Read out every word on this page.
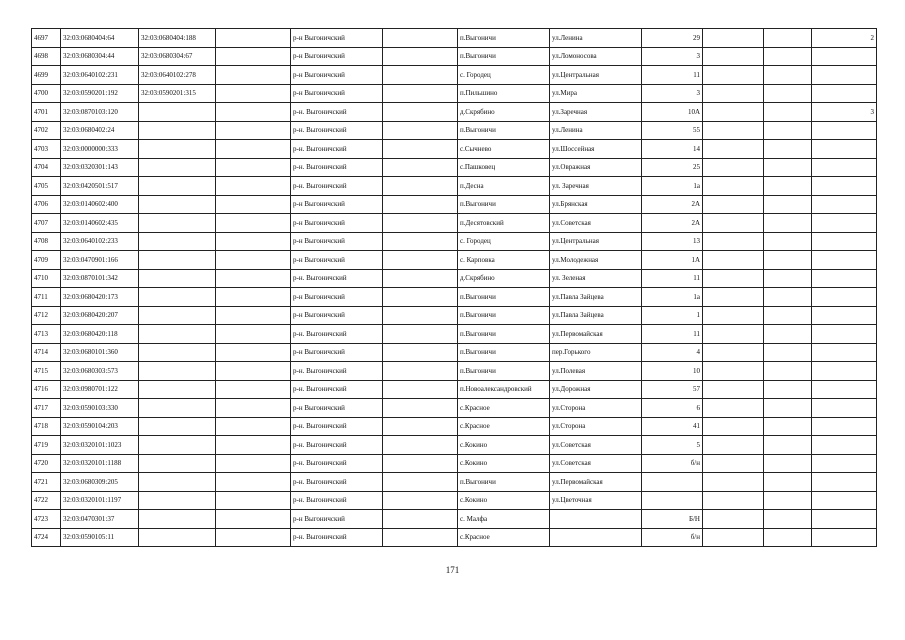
4697	32:03:0680404:64	32:03:0680404:188		р-н Выгоничский		п.Выгоничи	ул.Ленина	29			2
4698	32:03:0680304:44	32:03:0680304:67		р-н Выгоничский		п.Выгоничи	ул.Ломоносова	3			
4699	32:03:0640102:231	32:03:0640102:278		р-н Выгоничский		с. Городец	ул.Центральная	11			
4700	32:03:0590201:192	32:03:0590201:315		р-н Выгоничский		п.Пильшино	ул.Мира	3			
4701	32:03:0870103:120			р-н. Выгоничский		д.Скрябино	ул.Заречная	10А			3
4702	32:03:0680402:24			р-н. Выгоничский		п.Выгоничи	ул.Ленина	55			
4703	32:03:0000000:333			р-н. Выгоничский		с.Сычнево	ул.Шоссейная	14			
4704	32:03:0320301:143			р-н. Выгоничский		с.Пашковец	ул.Овражная	25			
4705	32:03:0420501:517			р-н. Выгоничский		п.Десна	ул. Заречная	1а			
4706	32:03:0140602:400			р-н Выгоничский		п.Выгоничи	ул.Брянская	2А			
4707	32:03:0140602:435			р-н Выгоничский		п.Десятовский	ул.Советская	2А			
4708	32:03:0640102:233			р-н Выгоничский		с. Городец	ул.Центральная	13			
4709	32:03:0470901:166			р-н Выгоничский		с. Карповка	ул.Молодежная	1А			
4710	32:03:0870101:342			р-н. Выгоничский		д.Скрябино	ул. Зеленая	11			
4711	32:03:0680420:173			р-н Выгоничский		п.Выгоничи	ул.Павла Зайцева	1а			
4712	32:03:0680420:207			р-н Выгоничский		п.Выгоничи	ул.Павла Зайцева	1			
4713	32:03:0680420:118			р-н. Выгоничский		п.Выгоничи	ул.Первомайская	11			
4714	32:03:0680101:360			р-н Выгоничский		п.Выгоничи	пер.Горького	4			
4715	32:03:0680303:573			р-н. Выгоничский		п.Выгоничи	ул.Полевая	10			
4716	32:03:0980701:122			р-н. Выгоничский		п.Новоалександровский	ул.Дорожная	57			
4717	32:03:0590103:330			р-н Выгоничский		с.Красное	ул.Сторона	6			
4718	32:03:0590104:203			р-н. Выгоничский		с.Красное	ул.Сторона	41			
4719	32:03:0320101:1023			р-н. Выгоничский		с.Кокино	ул.Советская	5			
4720	32:03:0320101:1188			р-н. Выгоничский		с.Кокино	ул.Советская	б/н			
4721	32:03:0680309:205			р-н. Выгоничский		п.Выгоничи	ул.Первомайская				
4722	32:03:0320101:1197			р-н. Выгоничский		с.Кокино	ул.Цветочная				
4723	32:03:0470301:37			р-н Выгоничский		с. Малфа		Б/Н			
4724	32:03:0590105:11			р-н. Выгоничский		с.Красное		б/н			
171
